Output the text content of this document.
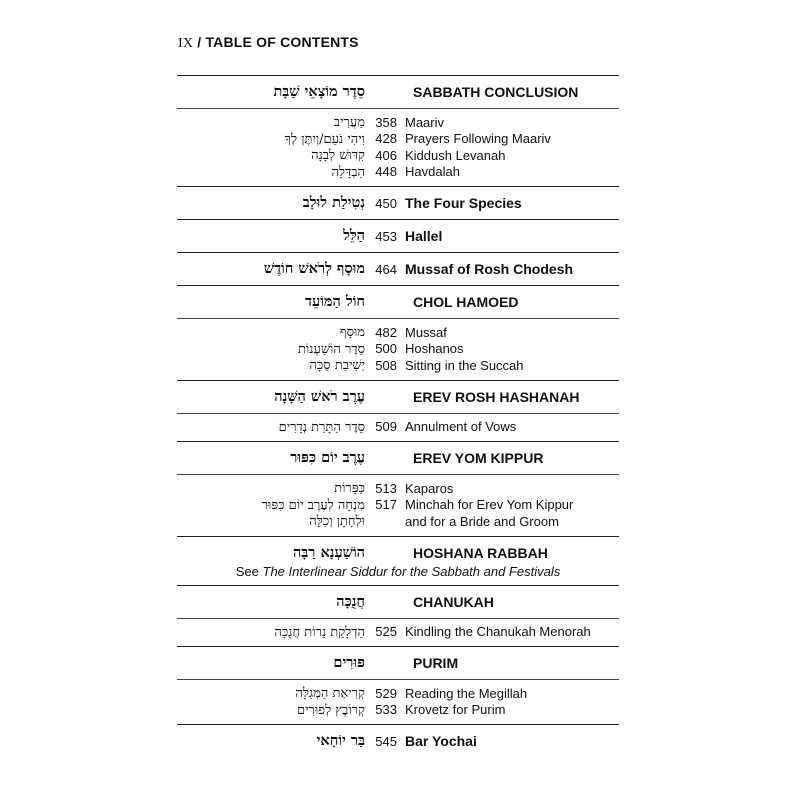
IX / TABLE OF CONTENTS
סֵדֶר מוֹצָאֵי שַׁבָּת	SABBATH CONCLUSION
מַעֲרִיב 358 Maariv
וִיהִי נֹעַם/וְיִתֶּן לְךָ 428 Prayers Following Maariv
קִדּוּשׁ לְבָנָה 406 Kiddush Levanah
הַבְדָּלָה 448 Havdalah
נְטִילַת לוּלָב 450 The Four Species
הַלֵּל 453 Hallel
מוּסָף לְרֹאשׁ חוֹדֶשׁ 464 Mussaf of Rosh Chodesh
חוֹל הַמּוֹעֵד	CHOL HAMOED
מוּסָף 482 Mussaf
סֵדֶר הוֹשַׁעְנוֹת 500 Hoshanos
יְשִׁיבַת סֻכָּה 508 Sitting in the Succah
עֶרֶב רֹאשׁ הַשָּׁנָה	EREV ROSH HASHANAH
סֵדֶר הַתָּרַת נְדָרִים 509 Annulment of Vows
עֶרֶב יוֹם כִּפּוּר	EREV YOM KIPPUR
כַּפָּרוֹת 513 Kaparos
מִנְחָה לְעֶרֶב יוֹם כִּפּוּר 517 Minchah for Erev Yom Kippur
וּלְחָתָן וְכַלָּה	and for a Bride and Groom
הוֹשַׁעְנָא רַבָּה	HOSHANA RABBAH
See The Interlinear Siddur for the Sabbath and Festivals
חֲנֻכָּה	CHANUKAH
הַדְלָקַת נֵרוֹת חֲנֻכָּה 525 Kindling the Chanukah Menorah
פּוּרִים	PURIM
קְרִיאַת הַמְּגִלָּה 529 Reading the Megillah
קְרוֹבֶץ לְפוּרִים 533 Krovetz for Purim
בַּר יוֹחָאי 545 Bar Yochai
